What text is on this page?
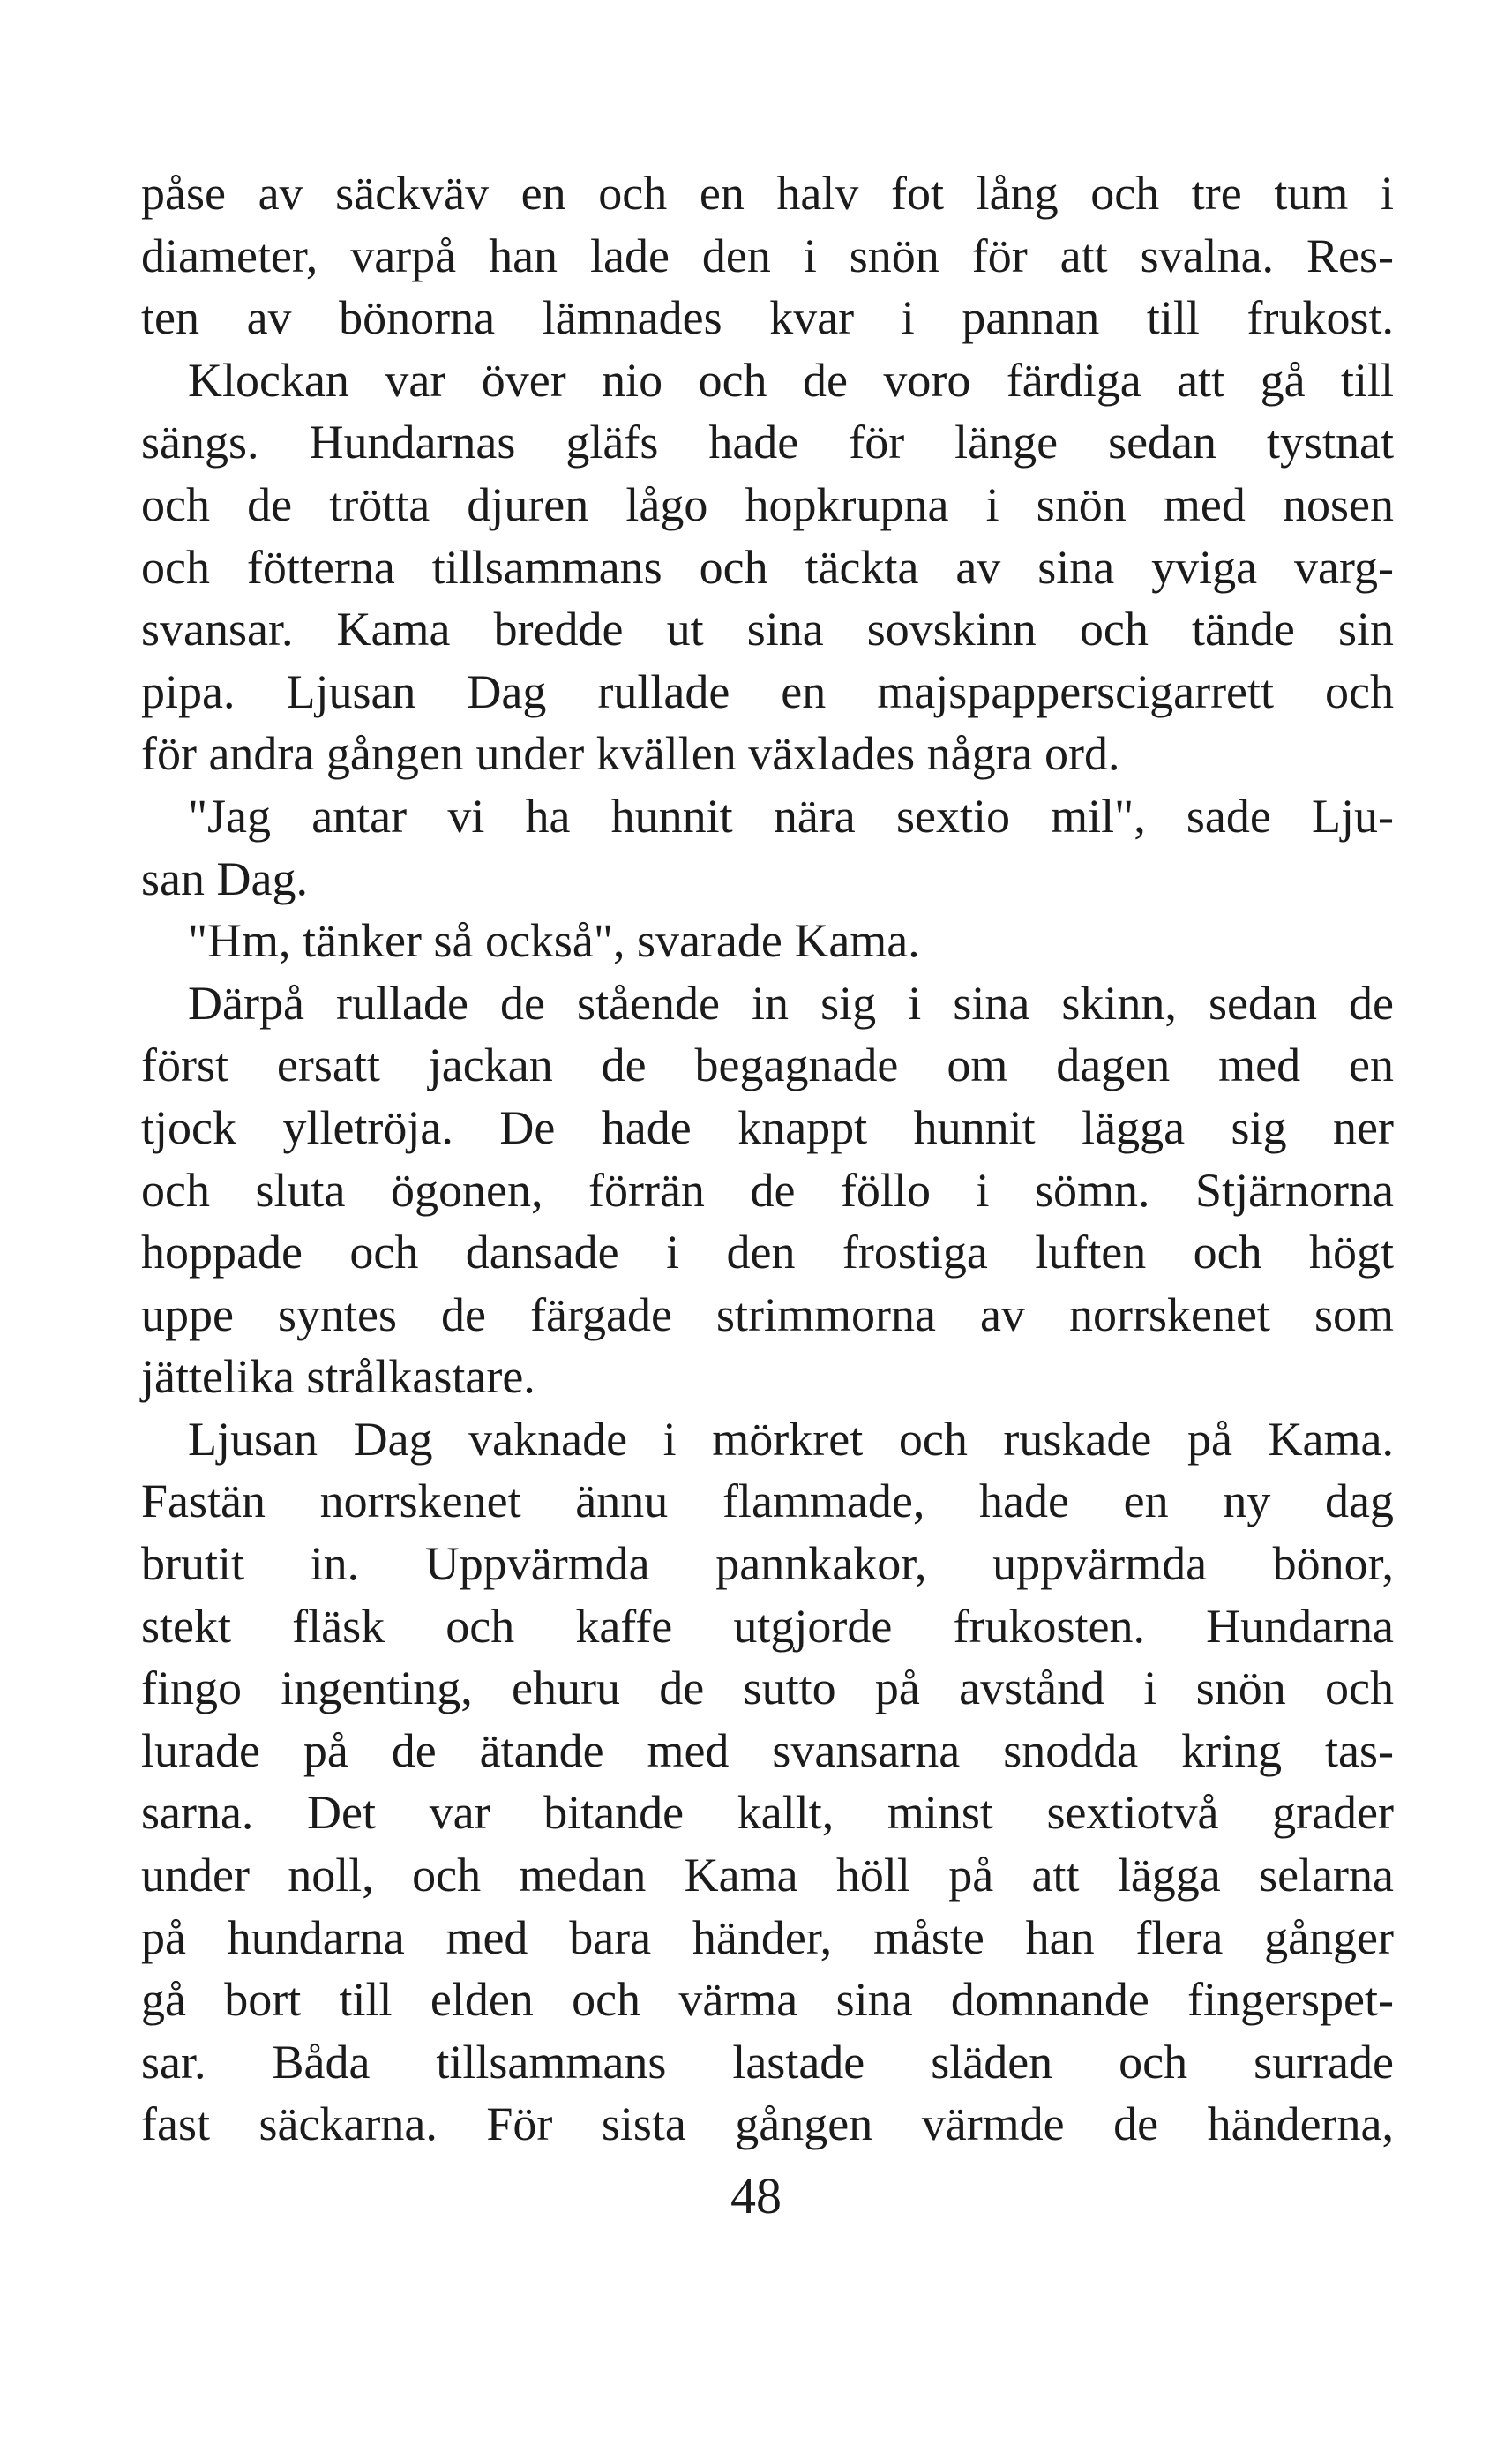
påse av säckväv en och en halv fot lång och tre tum i
diameter, varpå han lade den i snön för att svalna. Res-
ten av bönorna lämnades kvar i pannan till frukost.
Klockan var över nio och de voro färdiga att gå till
sängs. Hundarnas gläfs hade för länge sedan tystnat
och de trötta djuren lågo hopkrupna i snön med nosen
och fötterna tillsammans och täckta av sina yviga varg-
svansar. Kama bredde ut sina sovskinn och tände sin
pipa. Ljusan Dag rullade en majspapperscigarrett och
för andra gången under kvällen växlades några ord.
"Jag antar vi ha hunnit nära sextio mil", sade Lju-
san Dag.
"Hm, tänker så också", svarade Kama.
Därpå rullade de stående in sig i sina skinn, sedan de
först ersatt jackan de begagnade om dagen med en
tjock ylletröja. De hade knappt hunnit lägga sig ner
och sluta ögonen, förrän de föllo i sömn. Stjärnorna
hoppade och dansade i den frostiga luften och högt
uppe syntes de färgade strimmorna av norrskenet som
jättelika strålkastare.
Ljusan Dag vaknade i mörkret och ruskade på Kama.
Fastän norrskenet ännu flammade, hade en ny dag
brutit in. Uppvärmda pannkakor, uppvärmda bönor,
stekt fläsk och kaffe utgjorde frukosten. Hundarna
fingo ingenting, ehuru de sutto på avstånd i snön och
lurade på de ätande med svansarna snodda kring tas-
sarna. Det var bitande kallt, minst sextiotvå grader
under noll, och medan Kama höll på att lägga selarna
på hundarna med bara händer, måste han flera gånger
gå bort till elden och värma sina domnande fingerspet-
sar. Båda tillsammans lastade släden och surrade
fast säckarna. För sista gången värmde de händerna,
48
